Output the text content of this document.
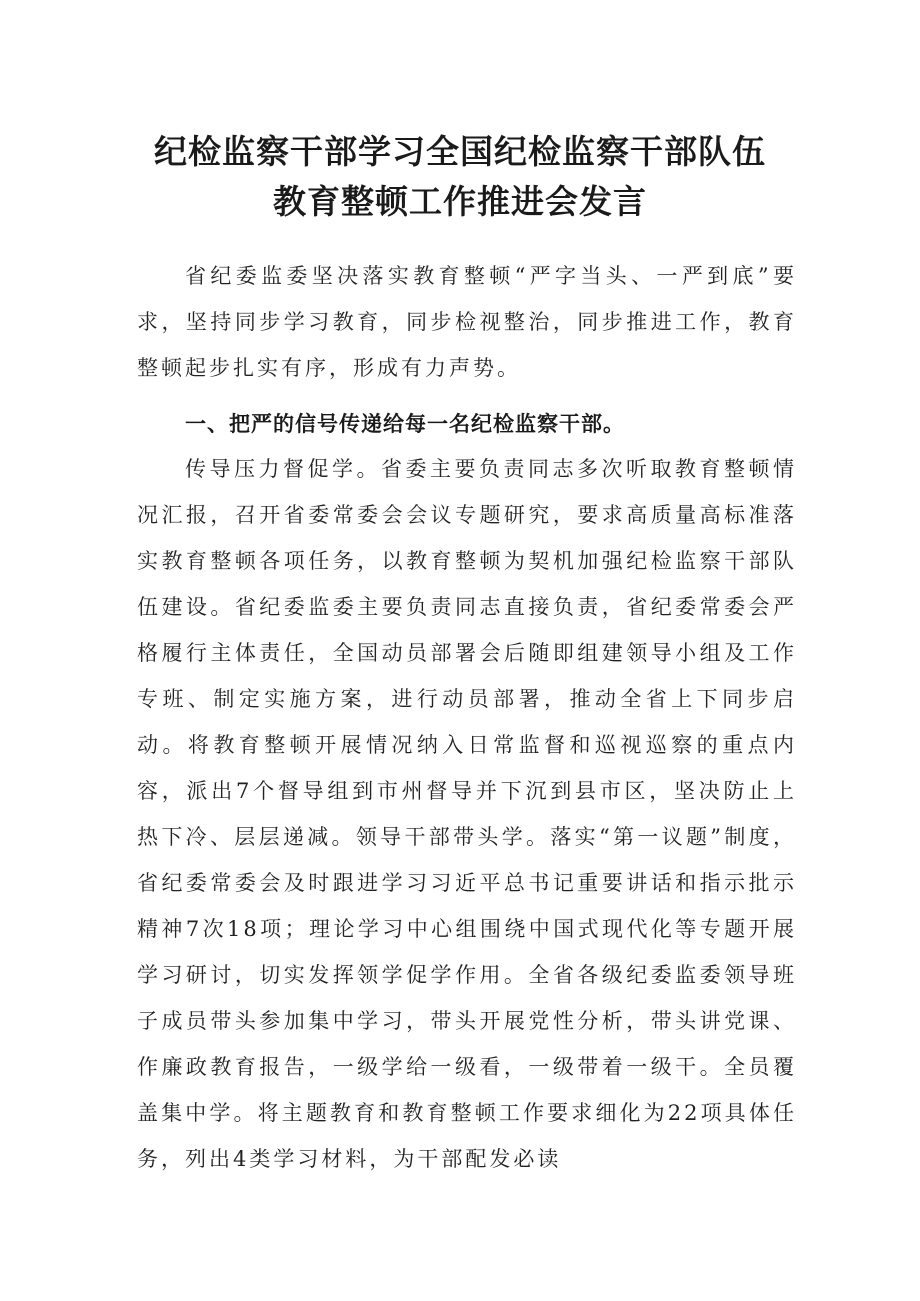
纪检监察干部学习全国纪检监察干部队伍
教育整顿工作推进会发言
省纪委监委坚决落实教育整顿“严字当头、一严到底”要求，坚持同步学习教育，同步检视整治，同步推进工作，教育整顿起步扎实有序，形成有力声势。
一、把严的信号传递给每一名纪检监察干部。
传导压力督促学。省委主要负责同志多次听取教育整顿情况汇报，召开省委常委会会议专题研究，要求高质量高标准落实教育整顿各项任务，以教育整顿为契机加强纪检监察干部队伍建设。省纪委监委主要负责同志直接负责，省纪委常委会严格履行主体责任，全国动员部署会后随即组建领导小组及工作专班、制定实施方案，进行动员部署，推动全省上下同步启动。将教育整顿开展情况纳入日常监督和巡视巡察的重点内容，派出7个督导组到市州督导并下沉到县市区，坚决防止上热下冷、层层递减。领导干部带头学。落实“第一议题”制度，省纪委常委会及时跟进学习习近平总书记重要讲话和指示批示精神7次18项；理论学习中心组围绕中国式现代化等专题开展学习研讨，切实发挥领学促学作用。全省各级纪委监委领导班子成员带头参加集中学习，带头开展党性分析，带头讲党课、作廉政教育报告，一级学给一级看，一级带着一级干。全员覆盖集中学。将主题教育和教育整顿工作要求细化为22项具体任务，列出4类学习材料，为干部配发必读
